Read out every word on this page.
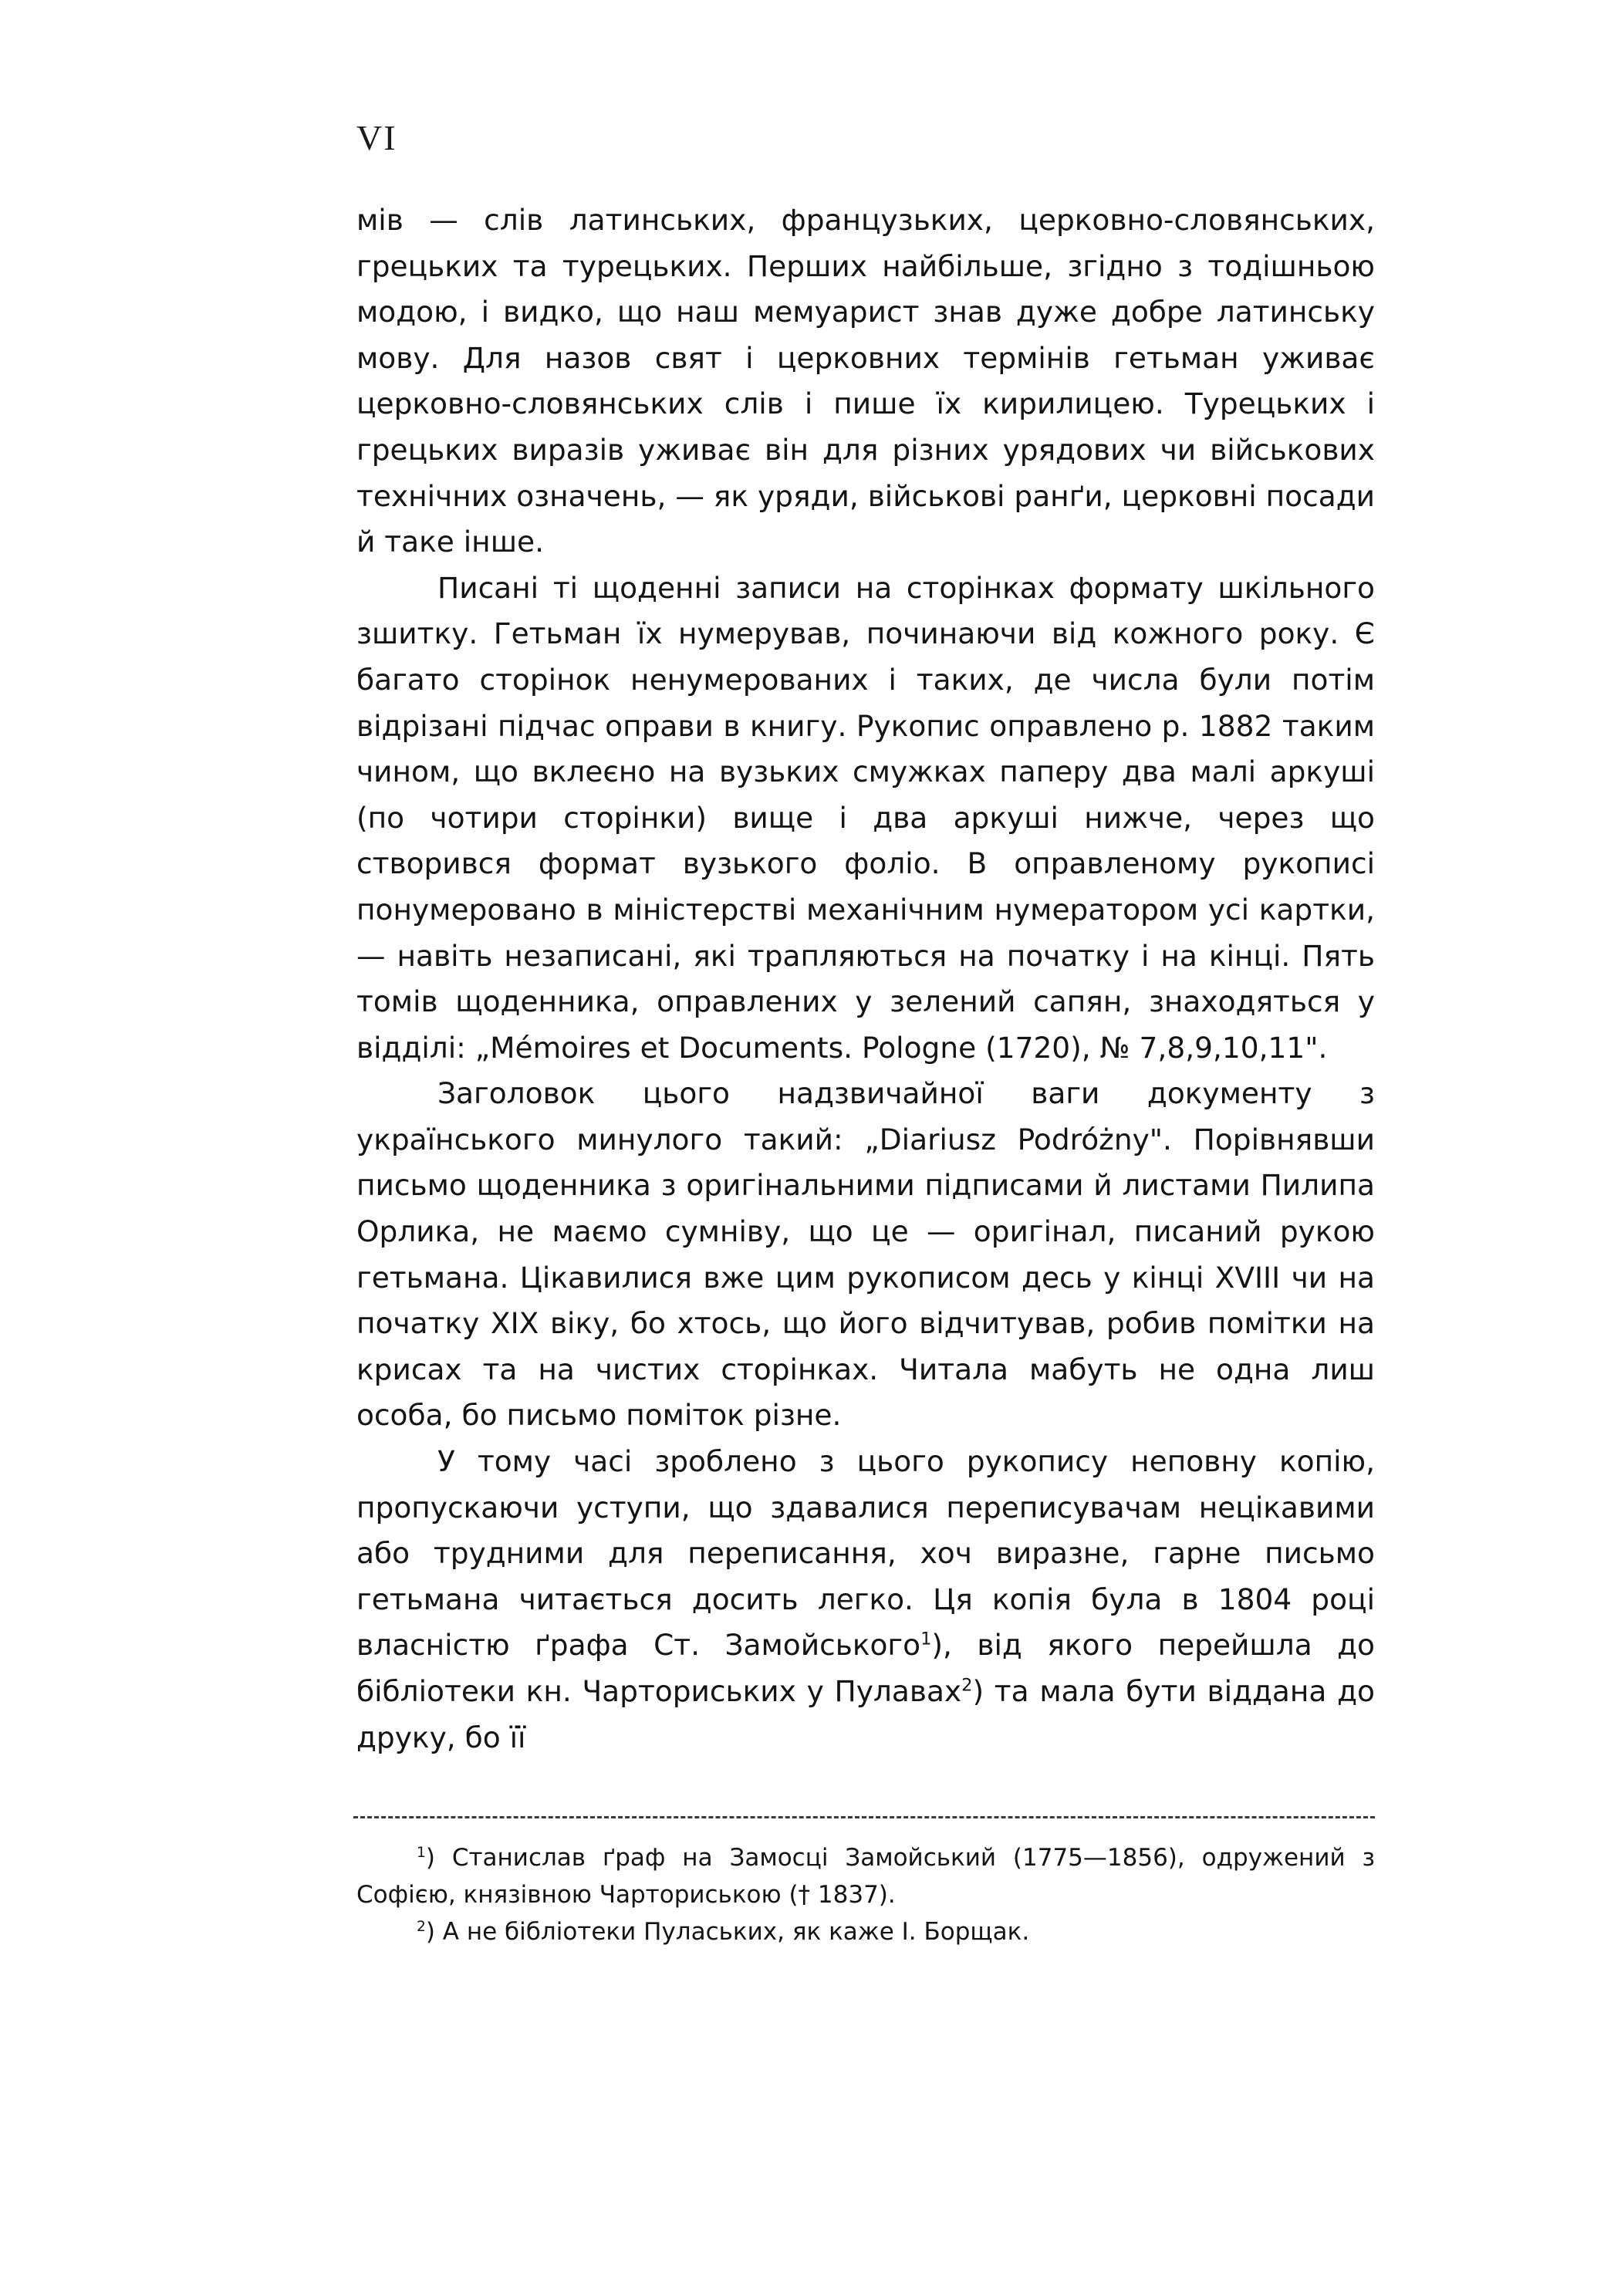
VI

мів — слів латинських, французьких, церковно-словянських, грецьких та турецьких. Перших найбільше, згідно з тодішньою модою, і видко, що наш мемуарист знав дуже добре латинську мову. Для назов свят і церковних термінів гетьман уживає церковно-словянських слів і пише їх кирилицею. Турецьких і грецьких виразів уживає він для різних урядових чи військових технічних означень, — як уряди, військові ранґи, церковні посади й таке інше.

Писані ті щоденні записи на сторінках формату шкільного зшитку. Гетьман їх нумерував, починаючи від кожного року. Є багато сторінок ненумерованих і таких, де числа були потім відрізані підчас оправи в книгу. Рукопис оправлено р. 1882 таким чином, що вклеєно на вузьких смужках паперу два малі аркуші (по чотири сторінки) вище і два аркуші нижче, через що створився формат вузького фоліо. В оправленому рукописі понумеровано в міністерстві механічним нумератором усі картки, — навіть незаписані, які трапляються на початку і на кінці. Пять томів щоденника, оправлених у зелений сапян, знаходяться у відділі: „Mémoires et Documents. Pologne (1720), № 7,8,9,10,11".

Заголовок цього надзвичайної ваги документу з українського минулого такий: „Diariusz Podróżny". Порівнявши письмо щоденника з оригінальними підписами й листами Пилипа Орлика, не маємо сумніву, що це — оригінал, писаний рукою гетьмана. Цікавилися вже цим рукописом десь у кінці XVIII чи на початку XIX віку, бо хтось, що його відчитував, робив помітки на крисах та на чистих сторінках. Читала мабуть не одна лиш особа, бо письмо поміток різне.

У тому часі зроблено з цього рукопису неповну копію, пропускаючи уступи, що здавалися переписувачам нецікавими або трудними для переписання, хоч виразне, гарне письмо гетьмана читається досить легко. Ця копія була в 1804 році власністю ґрафа Ст. Замойського$^1$), від якого перейшла до бібліотеки кн. Чарториських у Пулавах$^2$) та мала бути віддана до друку, бо її

$^1$) Станислав ґраф на Замосці Замойський (1775—1856), одружений з Софією, князівною Чарториською († 1837).

$^2$) А не бібліотеки Пулаських, як каже І. Борщак.
